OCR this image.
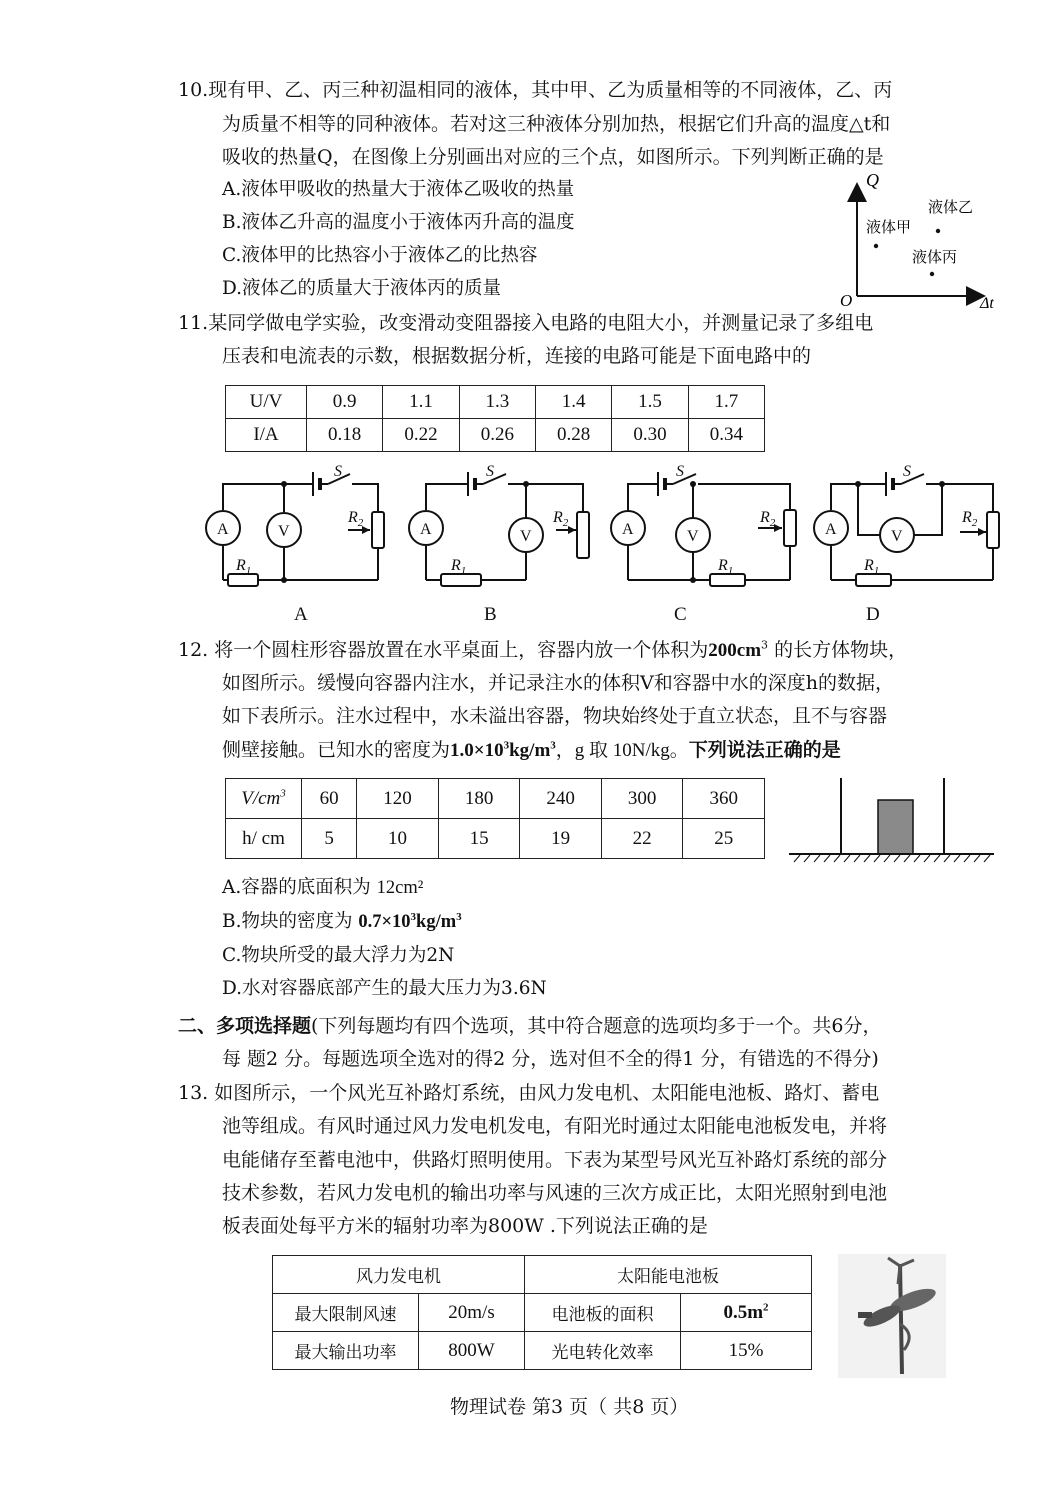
10.现有甲、乙、丙三种初温相同的液体，其中甲、乙为质量相等的不同液体，乙、丙
为质量不相等的同种液体。若对这三种液体分别加热，根据它们升高的温度△t和
吸收的热量Q，在图像上分别画出对应的三个点，如图所示。下列判断正确的是
A.液体甲吸收的热量大于液体乙吸收的热量
B.液体乙升高的温度小于液体丙升高的温度
C.液体甲的比热容小于液体乙的比热容
D.液体乙的质量大于液体丙的质量
Q
O	Δt
液体甲
液体乙
液体丙
11.某同学做电学实验，改变滑动变阻器接入电路的电阻大小，并测量记录了多组电
压表和电流表的示数，根据数据分析，连接的电路可能是下面电路中的
U/V	0.9	1.1	1.3	1.4	1.5	1.7
I/A	0.18	0.22	0.26	0.28	0.30	0.34
A	V
S
$R_1$
$R_2$	A	V
S
$R_1$
$R_2$	A	V
S
$R_1$
$R_2$	A	V
S
$R_1$
$R_2$
A	B	C	D
12. 将一个圆柱形容器放置在水平桌面上，容器内放一个体积为$200cm^3$ 的长方体物块，
如图所示。缓慢向容器内注水，并记录注水的体积V和容器中水的深度h的数据，
如下表所示。注水过程中，水未溢出容器，物块始终处于直立状态，且不与容器
侧壁接触。已知水的密度为$1.0\times 10^3kg/m^3$，g 取 10N/kg。下列说法正确的是
$V/cm^3$	60	120	180	240	300	360
h/ cm	5	10	15	19	22	25
A.容器的底面积为 12cm²
B.物块的密度为 $0.7\times 10^3kg/m^3$
C.物块所受的最大浮力为2N
D.水对容器底部产生的最大压力为3.6N
二、多项选择题(下列每题均有四个选项，其中符合题意的选项均多于一个。共6分，
每 题2 分。每题选项全选对的得2 分，选对但不全的得1 分，有错选的不得分)
13. 如图所示，一个风光互补路灯系统，由风力发电机、太阳能电池板、路灯、蓄电
池等组成。有风时通过风力发电机发电，有阳光时通过太阳能电池板发电，并将
电能储存至蓄电池中，供路灯照明使用。下表为某型号风光互补路灯系统的部分
技术参数，若风力发电机的输出功率与风速的三次方成正比，太阳光照射到电池
板表面处每平方米的辐射功率为800W .下列说法正确的是
风力发电机		太阳能电池板	
最大限制风速	20m/s	电池板的面积	$0.5m^2$
最大输出功率	800W	光电转化效率	15%
物理试卷 第3 页（ 共8 页）
